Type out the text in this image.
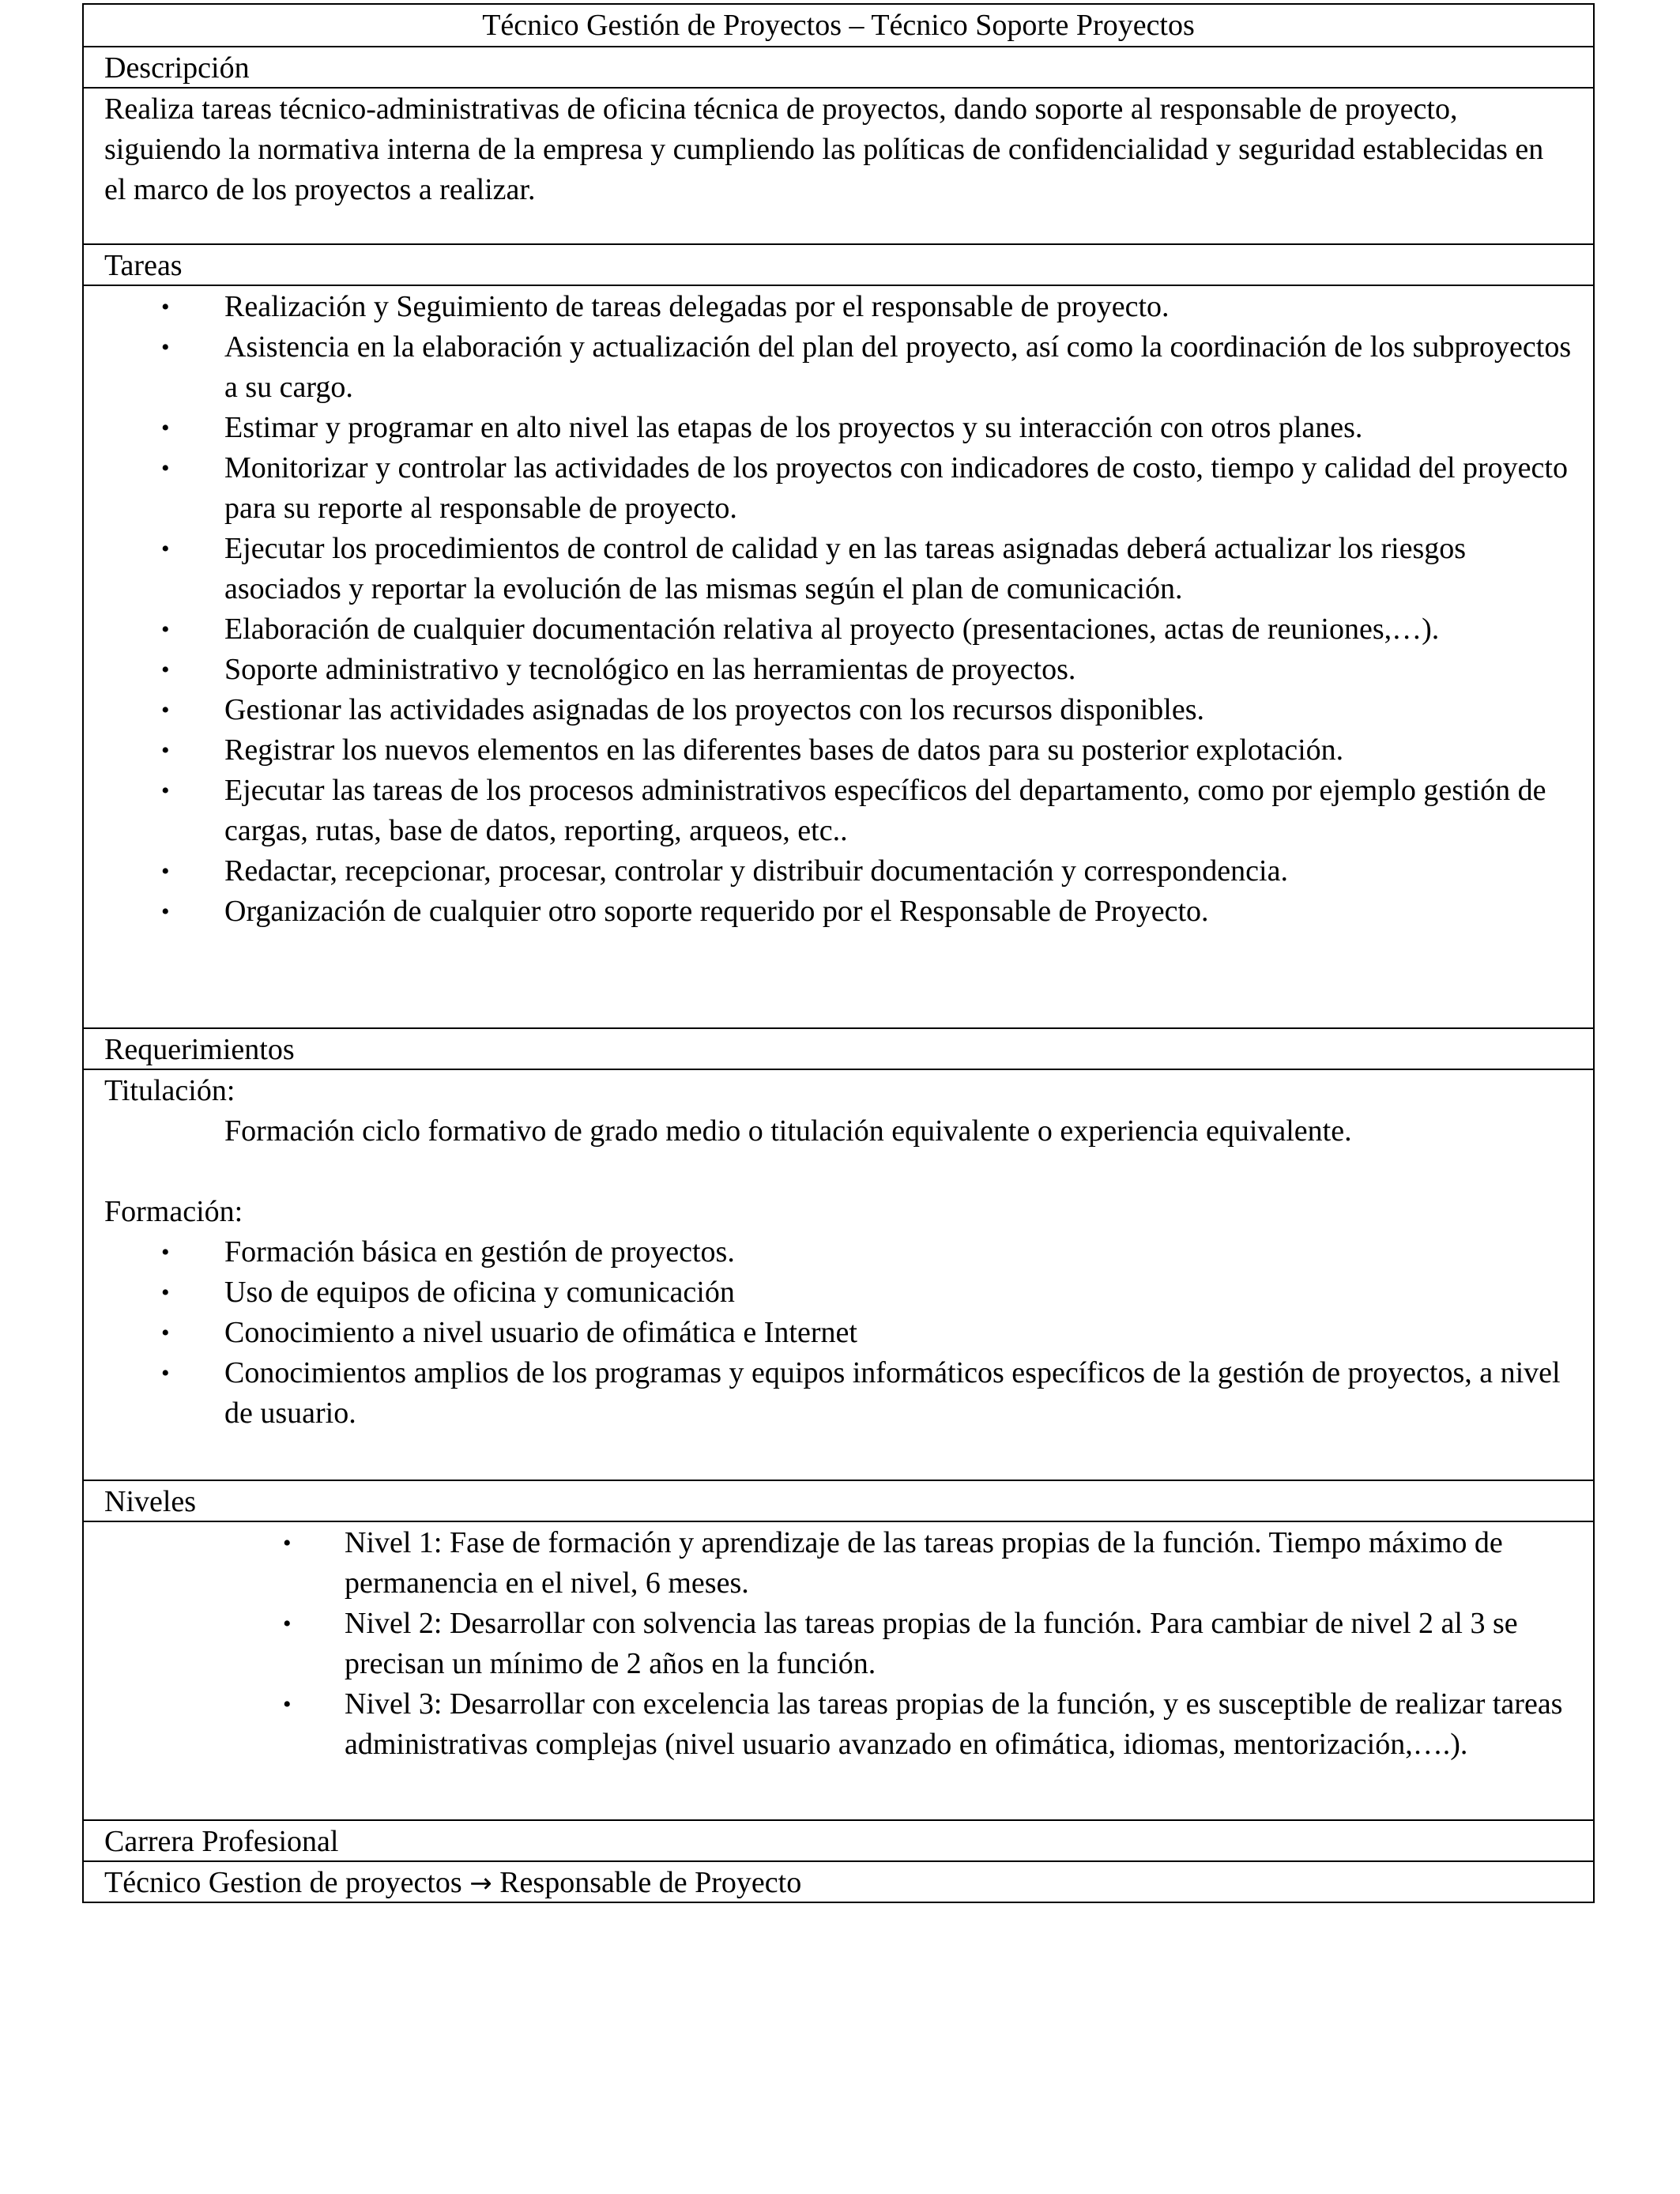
Técnico Gestión de Proyectos – Técnico Soporte Proyectos
Descripción

Realiza tareas técnico-administrativas de oficina técnica de proyectos, dando soporte al responsable de proyecto, siguiendo la normativa interna de la empresa y cumpliendo las políticas de confidencialidad y seguridad establecidas en el marco de los proyectos a realizar.

Tareas
• Realización y Seguimiento de tareas delegadas por el responsable de proyecto.
• Asistencia en la elaboración y actualización del plan del proyecto, así como la coordinación de los subproyectos a su cargo.
• Estimar y programar en alto nivel las etapas de los proyectos y su interacción con otros planes.
• Monitorizar y controlar las actividades de los proyectos con indicadores de costo, tiempo y calidad del proyecto para su reporte al responsable de proyecto.
• Ejecutar los procedimientos de control de calidad y en las tareas asignadas deberá actualizar los riesgos asociados y reportar la evolución de las mismas según el plan de comunicación.
• Elaboración de cualquier documentación relativa al proyecto (presentaciones, actas de reuniones,…).
• Soporte administrativo y tecnológico en las herramientas de proyectos.
• Gestionar las actividades asignadas de los proyectos con los recursos disponibles.
• Registrar los nuevos elementos en las diferentes bases de datos para su posterior explotación.
• Ejecutar las tareas de los procesos administrativos específicos del departamento, como por ejemplo gestión de cargas, rutas, base de datos, reporting, arqueos, etc..
• Redactar, recepcionar, procesar, controlar y distribuir documentación y correspondencia.
• Organización de cualquier otro soporte requerido por el Responsable de Proyecto.
Requerimientos

Titulación:

Formación ciclo formativo de grado medio o titulación equivalente o experiencia equivalente.

Formación:

• Formación básica en gestión de proyectos.
• Uso de equipos de oficina y comunicación
• Conocimiento a nivel usuario de ofimática e Internet
• Conocimientos amplios de los programas y equipos informáticos específicos de la gestión de proyectos, a nivel de usuario.
Niveles
• Nivel 1: Fase de formación y aprendizaje de las tareas propias de la función. Tiempo máximo de permanencia en el nivel, 6 meses.
• Nivel 2: Desarrollar con solvencia las tareas propias de la función. Para cambiar de nivel 2 al 3 se precisan un mínimo de 2 años en la función.
• Nivel 3: Desarrollar con excelencia las tareas propias de la función, y es susceptible de realizar tareas administrativas complejas (nivel usuario avanzado en ofimática, idiomas, mentorización,….).
Carrera Profesional
Técnico Gestion de proyectos → Responsable de Proyecto
